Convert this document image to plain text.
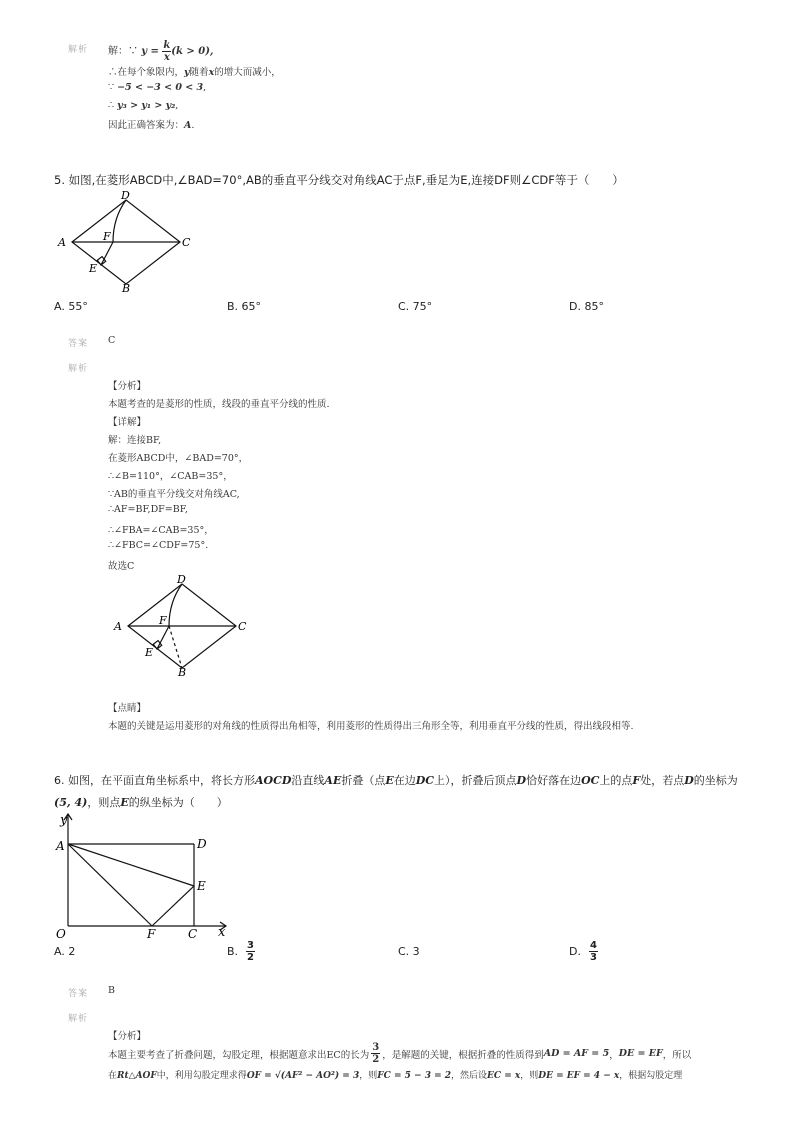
解析 解：∵ $y = \frac{k}{x} (k > 0)$,
∴在每个象限内，y随着x的增大而减小，
∵ −5 < −3 < 0 < 3,
∴ y₃ > y₁ > y₂,
因此正确答案为：A.
5. 如图,在菱形ABCD中,∠BAD=70°,AB的垂直平分线交对角线AC于点F,垂足为E,连接DF则∠CDF等于（　　）
A
D
C
F
E
B
A. 55°	B. 65°	C. 75°	D. 85°
答案 C
解析
【分析】
本题考查的是菱形的性质，线段的垂直平分线的性质.
【详解】
解：连接BF,
在菱形ABCD中，∠BAD=70°，
∴∠B=110°，∠CAB=35°，
∵AB的垂直平分线交对角线AC,
∴AF=BF,DF=BF,
∴∠FBA=∠CAB=35°，
∴∠FBC=∠CDF=75°.
故选C
A
D
C
F
E
B
【点睛】
本题的关键是运用菱形的对角线的性质得出角相等，利用菱形的性质得出三角形全等，利用垂直平分线的性质，得出线段相等.
6. 如图，在平面直角坐标系中，将长方形AOCD沿直线AE折叠（点E在边DC上），折叠后顶点D恰好落在边OC上的点F处，若点D的坐标为
(5, 4)，则点E的纵坐标为（　　）
y
x
A	D
E
O	F	C
A. 2	B. $\frac{3}{2}$	C. 3	D. $\frac{4}{3}$
答案 B
解析
【分析】
本题主要考查了折叠问题，勾股定理，根据题意求出EC的长为 $\frac{3}{2}$ ，是解题的关键，根据折叠的性质得到 AD = AF = 5 ， DE = EF ，所以
在Rt△AOF中，利用勾股定理求得OF = √(AF² − AO²) = 3，则FC = 5 − 3 = 2，然后设EC = x，则DE = EF = 4 − x，根据勾股定理
